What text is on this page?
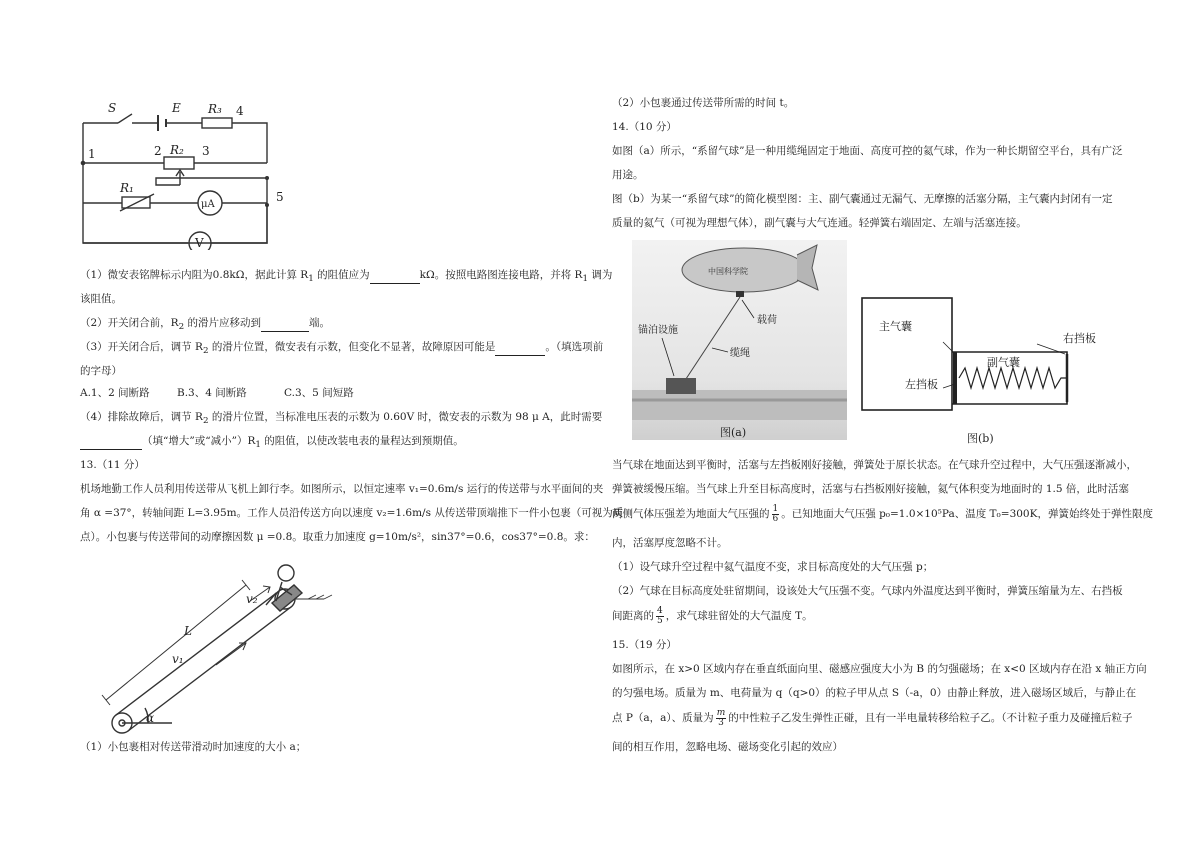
S	E R₃ 4
1	2 R₂ 3
R₁
μA
5
V

（1）微安表铭牌标示内阻为0.8kΩ，据此计算 $R_1$ 的阻值应为	kΩ。按照电路图连接电路，并将 $R_1$ 调为

该阻值。

（2）开关闭合前，$R_2$ 的滑片应移动到	端。

（3）开关闭合后，调节 $R_2$ 的滑片位置，微安表有示数，但变化不显著，故障原因可能是	。（填选项前

的字母）

A.1、2 间断路	B.3、4 间断路	C.3、5 间短路

（4）排除故障后，调节 $R_2$ 的滑片位置，当标准电压表的示数为 0.60V 时，微安表的示数为 98 μ A，此时需要

（填“增大”或“减小$”)R_1$ 的阻值，以使改装电表的量程达到预期值。

13.（11 分）

机场地勤工作人员利用传送带从飞机上卸行李。如图所示，以恒定速率 v₁=0.6m/s 运行的传送带与水平面间的夹

角 α =37°，转轴间距 L=3.95m。工作人员沿传送方向以速度 v₂=1.6m/s 从传送带顶端推下一件小包裹（可视为质

点）。小包裹与传送带间的动摩擦因数 μ =0.8。取重力加速度 g=10m/s²，sin37°=0.6，cos37°=0.8。求：

v₂
L
v₁
α

（1）小包裹相对传送带滑动时加速度的大小 a；

（2）小包裹通过传送带所需的时间 t。

14.（10 分）

如图（a）所示，“系留气球”是一种用缆绳固定于地面、高度可控的氦气球，作为一种长期留空平台，具有广泛

用途。

图（b）为某一“系留气球”的简化模型图：主、副气囊通过无漏气、无摩擦的活塞分隔，主气囊内封闭有一定

质量的氦气（可视为理想气体），副气囊与大气连通。轻弹簧右端固定、左端与活塞连接。

中国科学院
载荷
锚泊设施
缆绳
图(a)
主气囊
副气囊
右挡板
左挡板
图(b)

当气球在地面达到平衡时，活塞与左挡板刚好接触，弹簧处于原长状态。在气球升空过程中，大气压强逐渐减小，

弹簧被缓慢压缩。当气球上升至目标高度时，活塞与右挡板刚好接触，氦气体积变为地面时的 1.5 倍，此时活塞

两侧气体压强差为地面大气压强的 $\frac{1}{6}$ 。已知地面大气压强 p₀=1.0×10⁵Pa、温度 T₀=300K，弹簧始终处于弹性限度

内，活塞厚度忽略不计。

（1）设气球升空过程中氦气温度不变，求目标高度处的大气压强 p；

（2）气球在目标高度处驻留期间，设该处大气压强不变。气球内外温度达到平衡时，弹簧压缩量为左、右挡板

间距离的 $\frac{4}{5}$ ，求气球驻留处的大气温度 T。

15.（19 分）

如图所示，在 x>0 区域内存在垂直纸面向里、磁感应强度大小为 B 的匀强磁场；在 x<0 区域内存在沿 x 轴正方向

的匀强电场。质量为 m、电荷量为 q（q>0）的粒子甲从点 S（-a，0）由静止释放，进入磁场区域后，与静止在

点 P（a，a）、质量为 $\frac{m}{3}$ 的中性粒子乙发生弹性正碰，且有一半电量转移给粒子乙。（不计粒子重力及碰撞后粒子

间的相互作用，忽略电场、磁场变化引起的效应）
